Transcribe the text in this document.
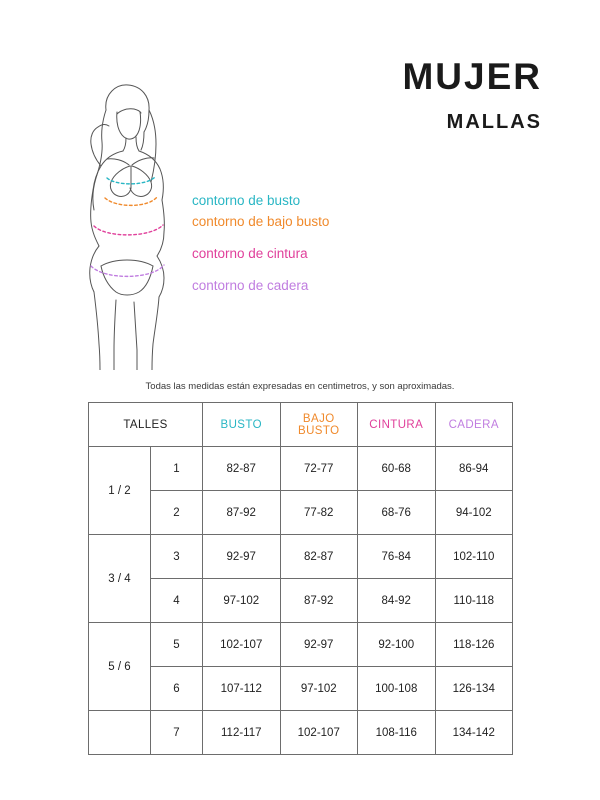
MUJER
MALLAS
contorno de busto
contorno de bajo busto
contorno de cintura
contorno de cadera
Todas las medidas están expresadas en centimetros, y son aproximadas.
TALLES		BUSTO	BAJO BUSTO	CINTURA	CADERA
1 / 2	1	82-87	72-77	60-68	86-94
	2	87-92	77-82	68-76	94-102
3 / 4	3	92-97	82-87	76-84	102-110
	4	97-102	87-92	84-92	110-118
5 / 6	5	102-107	92-97	92-100	118-126
	6	107-112	97-102	100-108	126-134
	7	112-117	102-107	108-116	134-142
